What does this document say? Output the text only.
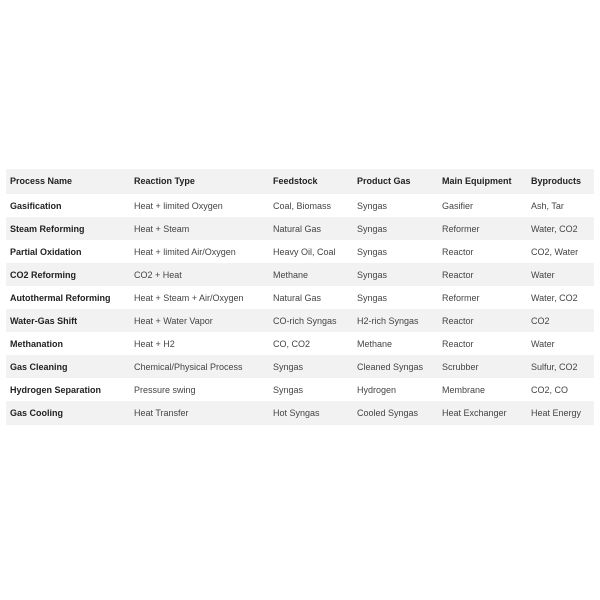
Process Name	Reaction Type	Feedstock	Product Gas	Main Equipment	Byproducts
Gasification	Heat + limited Oxygen	Coal, Biomass	Syngas	Gasifier	Ash, Tar
Steam Reforming	Heat + Steam	Natural Gas	Syngas	Reformer	Water, CO2
Partial Oxidation	Heat + limited Air/Oxygen	Heavy Oil, Coal	Syngas	Reactor	CO2, Water
CO2 Reforming	CO2 + Heat	Methane	Syngas	Reactor	Water
Autothermal Reforming	Heat + Steam + Air/Oxygen	Natural Gas	Syngas	Reformer	Water, CO2
Water-Gas Shift	Heat + Water Vapor	CO-rich Syngas	H2-rich Syngas	Reactor	CO2
Methanation	Heat + H2	CO, CO2	Methane	Reactor	Water
Gas Cleaning	Chemical/Physical Process	Syngas	Cleaned Syngas	Scrubber	Sulfur, CO2
Hydrogen Separation	Pressure swing	Syngas	Hydrogen	Membrane	CO2, CO
Gas Cooling	Heat Transfer	Hot Syngas	Cooled Syngas	Heat Exchanger	Heat Energy
